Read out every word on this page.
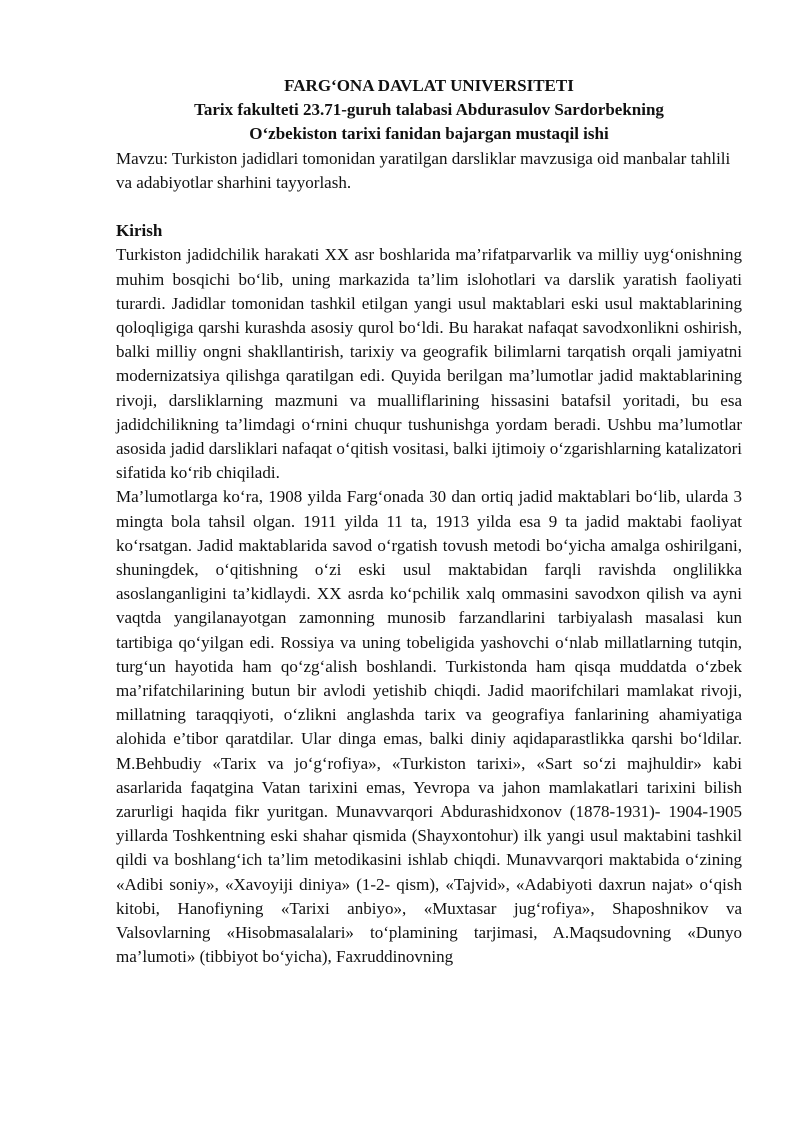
FARGʻONA DAVLAT UNIVERSITETI
Tarix fakulteti 23.71-guruh talabasi Abdurasulov Sardorbekning
Oʻzbekiston tarixi fanidan bajargan mustaqil ishi

Mavzu: Turkiston jadidlari tomonidan yaratilgan darsliklar mavzusiga oid manbalar tahlili va adabiyotlar sharhini tayyorlash.

Kirish

Turkiston jadidchilik harakati XX asr boshlarida ma’rifatparvarlik va milliy uygʻonishning muhim bosqichi boʻlib, uning markazida ta’lim islohotlari va darslik yaratish faoliyati turardi. Jadidlar tomonidan tashkil etilgan yangi usul maktablari eski usul maktablarining qoloqligiga qarshi kurashda asosiy qurol boʻldi. Bu harakat nafaqat savodxonlikni oshirish, balki milliy ongni shakllantirish, tarixiy va geografik bilimlarni tarqatish orqali jamiyatni modernizatsiya qilishga qaratilgan edi. Quyida berilgan ma’lumotlar jadid maktablarining rivoji, darsliklarning mazmuni va mualliflarining hissasini batafsil yoritadi, bu esa jadidchilikning ta’limdagi oʻrnini chuqur tushunishga yordam beradi. Ushbu ma’lumotlar asosida jadid darsliklari nafaqat oʻqitish vositasi, balki ijtimoiy oʻzgarishlarning katalizatori sifatida koʻrib chiqiladi.

Ma’lumotlarga koʻra, 1908 yilda Fargʻonada 30 dan ortiq jadid maktablari boʻlib, ularda 3 mingta bola tahsil olgan. 1911 yilda 11 ta, 1913 yilda esa 9 ta jadid maktabi faoliyat koʻrsatgan. Jadid maktablarida savod oʻrgatish tovush metodi boʻyicha amalga oshirilgani, shuningdek, oʻqitishning oʻzi eski usul maktabidan farqli ravishda onglilikka asoslanganligini ta’kidlaydi. XX asrda koʻpchilik xalq ommasini savodxon qilish va ayni vaqtda yangilanayotgan zamonning munosib farzandlarini tarbiyalash masalasi kun tartibiga qoʻyilgan edi. Rossiya va uning tobeligida yashovchi oʻnlab millatlarning tutqin, turgʻun hayotida ham qoʻzgʻalish boshlandi. Turkistonda ham qisqa muddatda oʻzbek ma’rifatchilarining butun bir avlodi yetishib chiqdi. Jadid maorifchilari mamlakat rivoji, millatning taraqqiyoti, oʻzlikni anglashda tarix va geografiya fanlarining ahamiyatiga alohida e’tibor qaratdilar. Ular dinga emas, balki diniy aqidaparastlikka qarshi boʻldilar. M.Behbudiy «Tarix va joʻgʻrofiya», «Turkiston tarixi», «Sart soʻzi majhuldir» kabi asarlarida faqatgina Vatan tarixini emas, Yevropa va jahon mamlakatlari tarixini bilish zarurligi haqida fikr yuritgan. Munavvarqori Abdurashidxonov (1878-1931)- 1904-1905 yillarda Toshkentning eski shahar qismida (Shayxontohur) ilk yangi usul maktabini tashkil qildi va boshlangʻich ta’lim metodikasini ishlab chiqdi. Munavvarqori maktabida oʻzining «Adibi soniy», «Xavoyiji diniya» (1-2- qism), «Tajvid», «Adabiyoti daxrun najat» oʻqish kitobi, Hanofiyning «Tarixi anbiyo», «Muxtasar jugʻrofiya», Shaposhnikov va Valsovlarning «Hisobmasalalari» toʻplamining tarjimasi, A.Maqsudovning «Dunyo ma’lumoti» (tibbiyot boʻyicha), Faxruddinovning
